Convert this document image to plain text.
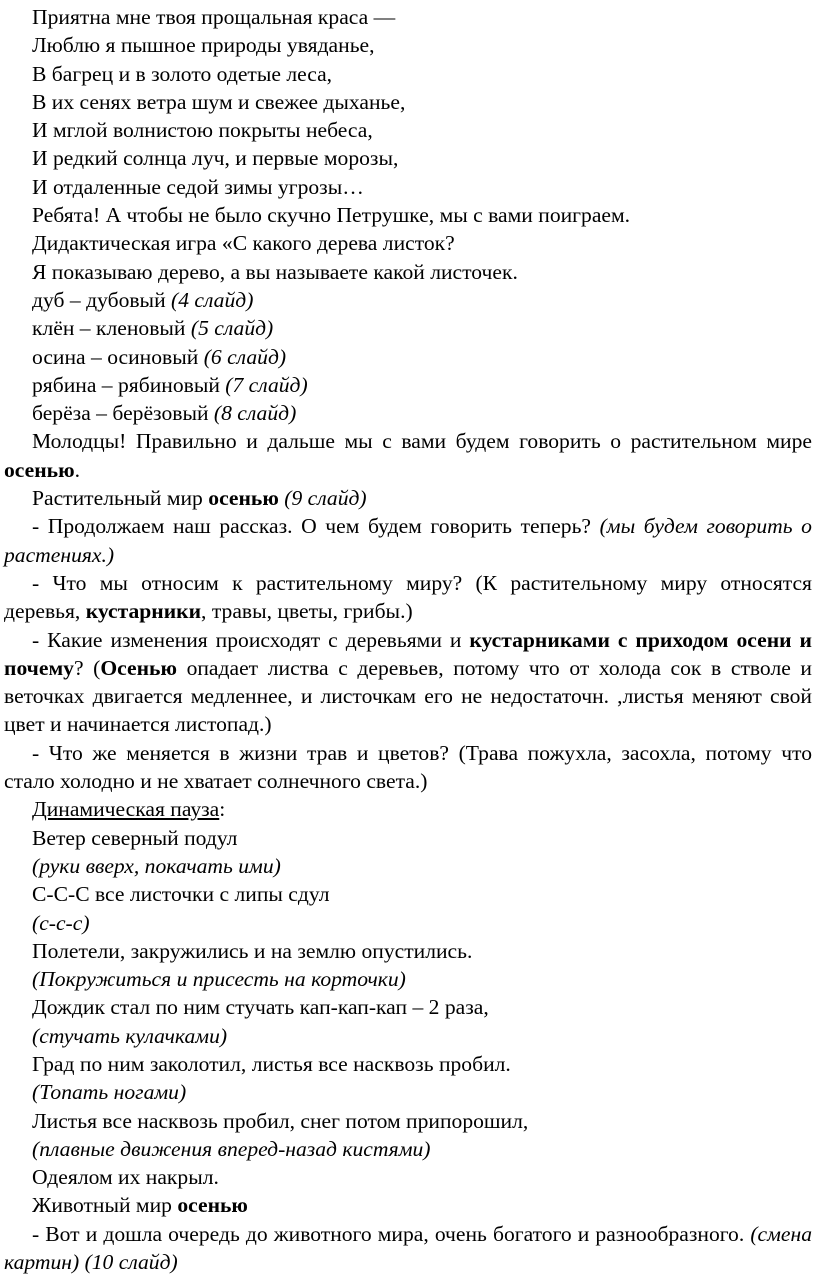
Приятна мне твоя прощальная краса —

Люблю я пышное природы увяданье,

В багрец и в золото одетые леса,

В их сенях ветра шум и свежее дыханье,

И мглой волнистою покрыты небеса,

И редкий солнца луч, и первые морозы,

И отдаленные седой зимы угрозы…

Ребята! А чтобы не было скучно Петрушке, мы с вами поиграем.

Дидактическая игра «С какого дерева листок?

Я показываю дерево, а вы называете какой листочек.

дуб – дубовый (4 слайд)

клён – кленовый (5 слайд)

осина – осиновый (6 слайд)

рябина – рябиновый (7 слайд)

берёза – берёзовый (8 слайд)

Молодцы! Правильно и дальше мы с вами будем говорить о растительном мире осенью.

Растительный мир осенью (9 слайд)

- Продолжаем наш рассказ. О чем будем говорить теперь? (мы будем говорить о растениях.)

- Что мы относим к растительному миру? (К растительному миру относятся деревья, кустарники, травы, цветы, грибы.)

- Какие изменения происходят с деревьями и кустарниками с приходом осени и почему? (Осенью опадает листва с деревьев, потому что от холода сок в стволе и веточках двигается медленнее, и листочкам его не недостаточн. ,листья меняют свой цвет и начинается листопад.)

- Что же меняется в жизни трав и цветов? (Трава пожухла, засохла, потому что стало холодно и не хватает солнечного света.)

Динамическая пауза:

Ветер северный подул

(руки вверх, покачать ими)

С-С-С все листочки с липы сдул

(с-с-с)

Полетели, закружились и на землю опустились.

(Покружиться и присесть на корточки)

Дождик стал по ним стучать кап-кап-кап – 2 раза,

(стучать кулачками)

Град по ним заколотил, листья все насквозь пробил.

(Топать ногами)

Листья все насквозь пробил, снег потом припорошил,

(плавные движения вперед-назад кистями)

Одеялом их накрыл.

Животный мир осенью

- Вот и дошла очередь до животного мира, очень богатого и разнообразного. (смена картин) (10 слайд)
